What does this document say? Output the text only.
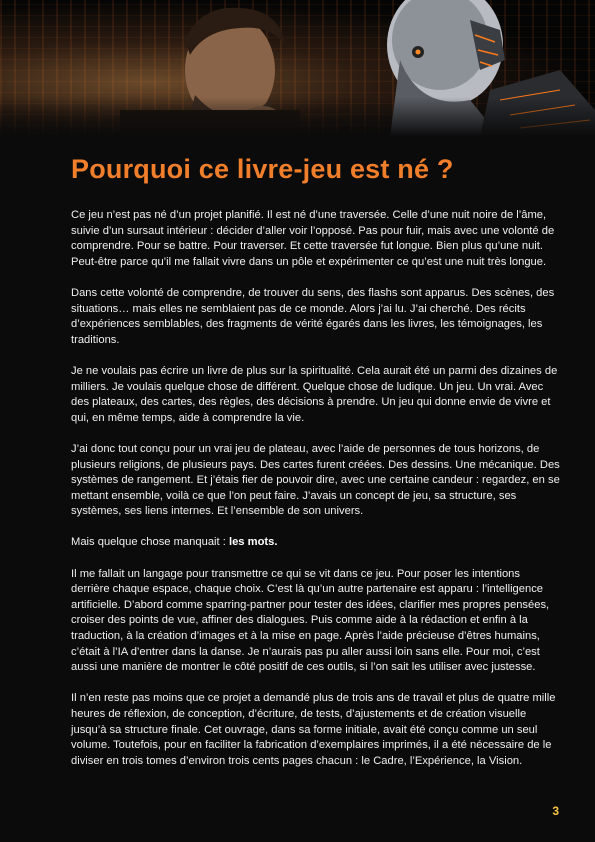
Pourquoi ce livre-jeu est né ?

Ce jeu n’est pas né d’un projet planifié. Il est né d’une traversée. Celle d’une nuit noire de l’âme, suivie d’un sursaut intérieur : décider d’aller voir l’opposé. Pas pour fuir, mais avec une volonté de comprendre. Pour se battre. Pour traverser. Et cette traversée fut longue. Bien plus qu’une nuit. Peut-être parce qu’il me fallait vivre dans un pôle et expérimenter ce qu’est une nuit très longue.

Dans cette volonté de comprendre, de trouver du sens, des flashs sont apparus. Des scènes, des situations… mais elles ne semblaient pas de ce monde. Alors j’ai lu. J’ai cherché. Des récits d’expériences semblables, des fragments de vérité égarés dans les livres, les témoignages, les traditions.

Je ne voulais pas écrire un livre de plus sur la spiritualité. Cela aurait été un parmi des dizaines de milliers. Je voulais quelque chose de différent. Quelque chose de ludique. Un jeu. Un vrai. Avec des plateaux, des cartes, des règles, des décisions à prendre. Un jeu qui donne envie de vivre et qui, en même temps, aide à comprendre la vie.

J’ai donc tout conçu pour un vrai jeu de plateau, avec l’aide de personnes de tous horizons, de plusieurs religions, de plusieurs pays. Des cartes furent créées. Des dessins. Une mécanique. Des systèmes de rangement. Et j’étais fier de pouvoir dire, avec une certaine candeur : regardez, en se mettant ensemble, voilà ce que l’on peut faire. J’avais un concept de jeu, sa structure, ses systèmes, ses liens internes. Et l’ensemble de son univers.

Mais quelque chose manquait : les mots.

Il me fallait un langage pour transmettre ce qui se vit dans ce jeu. Pour poser les intentions derrière chaque espace, chaque choix. C’est là qu’un autre partenaire est apparu : l’intelligence artificielle. D’abord comme sparring-partner pour tester des idées, clarifier mes propres pensées, croiser des points de vue, affiner des dialogues. Puis comme aide à la rédaction et enfin à la traduction, à la création d’images et à la mise en page. Après l’aide précieuse d’êtres humains, c’était à l’IA d’entrer dans la danse. Je n’aurais pas pu aller aussi loin sans elle. Pour moi, c’est aussi une manière de montrer le côté positif de ces outils, si l’on sait les utiliser avec justesse.

Il n’en reste pas moins que ce projet a demandé plus de trois ans de travail et plus de quatre mille heures de réflexion, de conception, d’écriture, de tests, d’ajustements et de création visuelle jusqu’à sa structure finale. Cet ouvrage, dans sa forme initiale, avait été conçu comme un seul volume. Toutefois, pour en faciliter la fabrication d’exemplaires imprimés, il a été nécessaire de le diviser en trois tomes d’environ trois cents pages chacun : le Cadre, l’Expérience, la Vision.

3
